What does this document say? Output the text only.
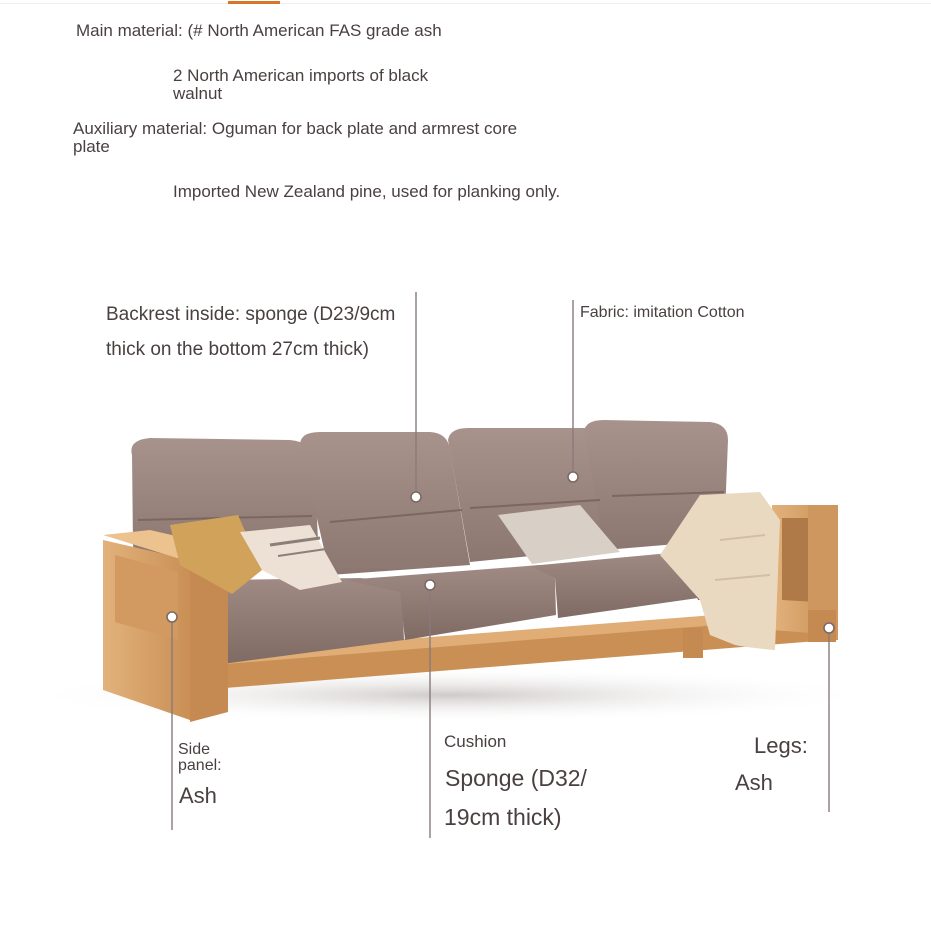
Main material: (# North American FAS grade ash

2 North American imports of black

walnut

Auxiliary material: Oguman for back plate and armrest core

plate

Imported New Zealand pine, used for planking only.

Backrest inside: sponge (D23/9cm

thick on the bottom 27cm thick)

Fabric: imitation Cotton

Side

panel:

Ash

Cushion

Sponge (D32/

19cm thick)

Legs:

Ash
